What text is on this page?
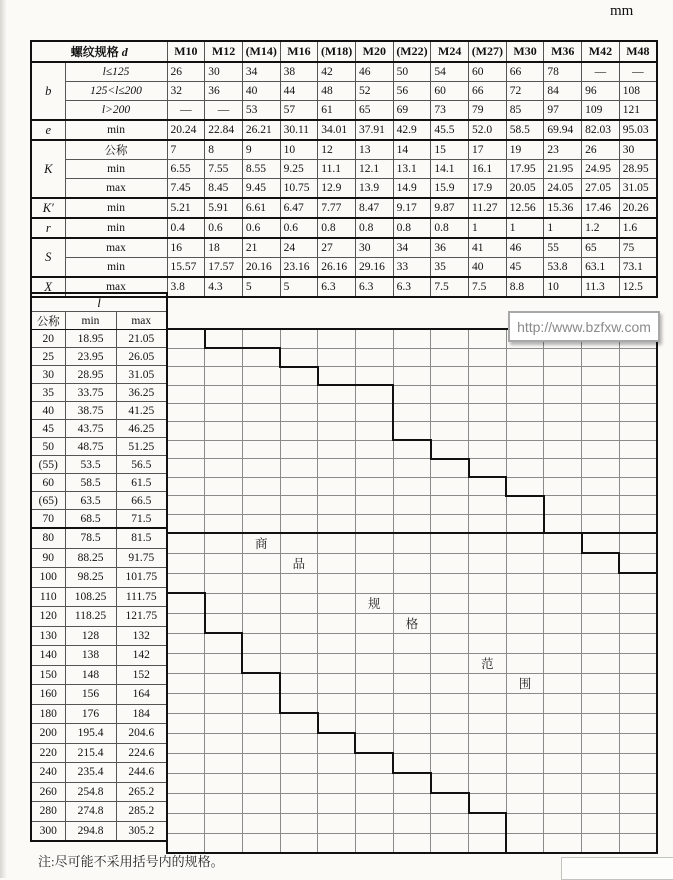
mm
螺纹规格 d		M10	M12	(M14)	M16	(M18)	M20	(M22)	M24	(M27)	M30	M36	M42	M48
b	l≤125	26	30	34	38	42	46	50	54	60	66	78	—	—
	125<l≤200	32	36	40	44	48	52	56	60	66	72	84	96	108
	l>200	—	—	53	57	61	65	69	73	79	85	97	109	121
e	min	20.24	22.84	26.21	30.11	34.01	37.91	42.9	45.5	52.0	58.5	69.94	82.03	95.03
K	公称	7	8	9	10	12	13	14	15	17	19	23	26	30
	min	6.55	7.55	8.55	9.25	11.1	12.1	13.1	14.1	16.1	17.95	21.95	24.95	28.95
	max	7.45	8.45	9.45	10.75	12.9	13.9	14.9	15.9	17.9	20.05	24.05	27.05	31.05
K′	min	5.21	5.91	6.61	6.47	7.77	8.47	9.17	9.87	11.27	12.56	15.36	17.46	20.26
r	min	0.4	0.6	0.6	0.6	0.8	0.8	0.8	0.8	1	1	1	1.2	1.6
S	max	16	18	21	24	27	30	34	36	41	46	55	65	75
	min	15.57	17.57	20.16	23.16	26.16	29.16	33	35	40	45	53.8	63.1	73.1
X	max	3.8	4.3	5	5	6.3	6.3	6.3	7.5	7.5	8.8	10	11.3	12.5
l		
公称	min	max
20	18.95	21.05
25	23.95	26.05
30	28.95	31.05
35	33.75	36.25
40	38.75	41.25
45	43.75	46.25
50	48.75	51.25
(55)	53.5	56.5
60	58.5	61.5
(65)	63.5	66.5
70	68.5	71.5
80	78.5	81.5
90	88.25	91.75
100	98.25	101.75
110	108.25	111.75
120	118.25	121.75
130	128	132
140	138	142
150	148	152
160	156	164
180	176	184
200	195.4	204.6
220	215.4	224.6
240	235.4	244.6
260	254.8	265.2
280	274.8	285.2
300	294.8	305.2

		商										
			品									

					规							
						格						

								范				
									围			

http://www.bzfxw.com
注:尽可能不采用括号内的规格。
